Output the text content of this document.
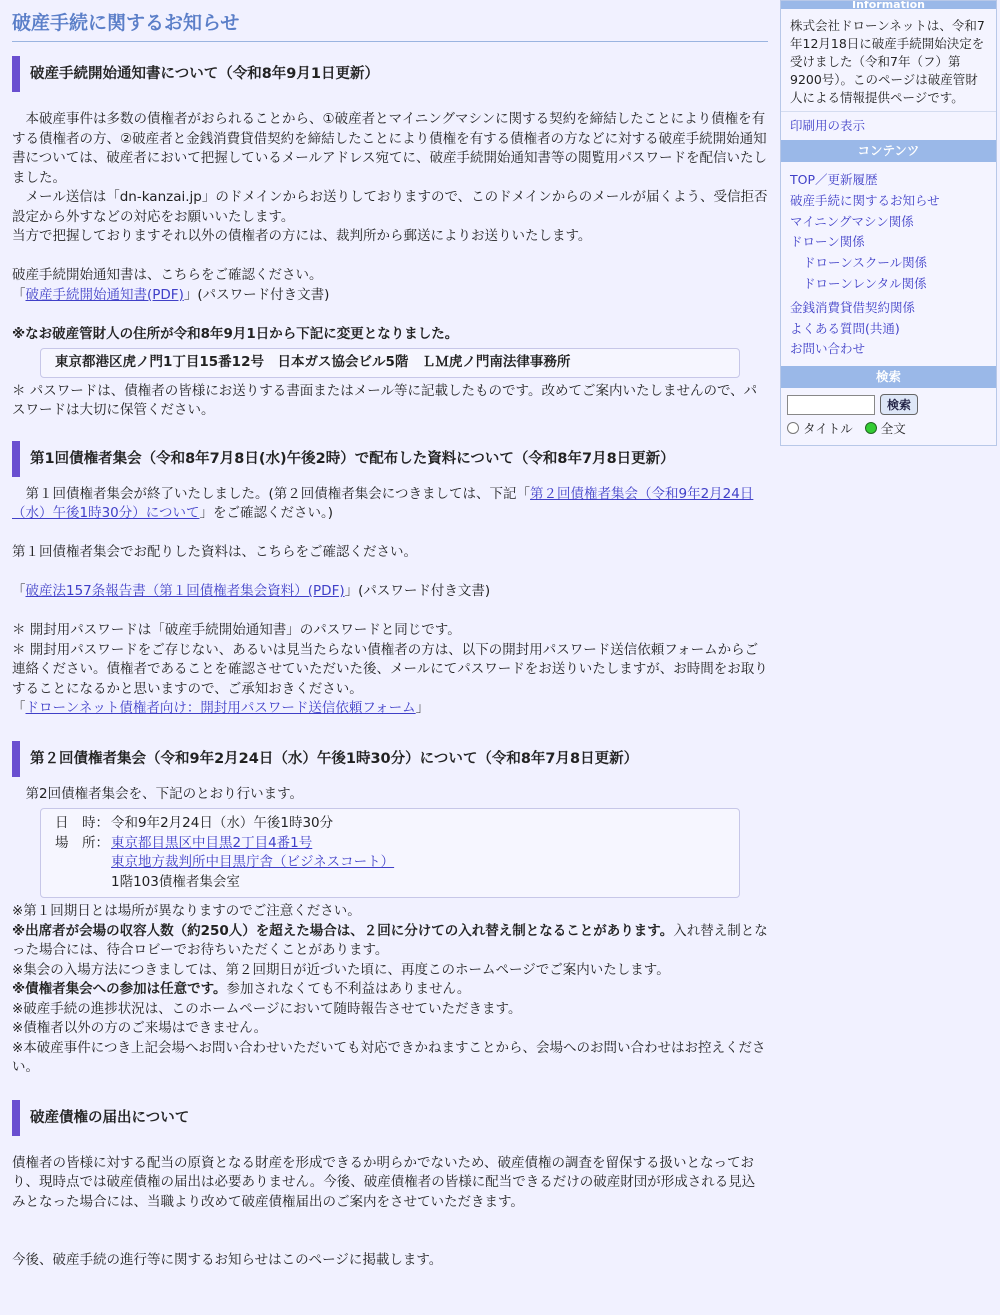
破産手続に関するお知らせ
破産手続開始通知書について（令和8年9月1日更新）

本破産事件は多数の債権者がおられることから、①破産者とマイニングマシンに関する契約を締結したことにより債権を有する債権者の方、②破産者と金銭消費貸借契約を締結したことにより債権を有する債権者の方などに対する破産手続開始通知書については、破産者において把握しているメールアドレス宛てに、破産手続開始通知書等の閲覧用パスワードを配信いたしました。

メール送信は「dn-kanzai.jp」のドメインからお送りしておりますので、このドメインからのメールが届くよう、受信拒否設定から外すなどの対応をお願いいたします。

当方で把握しておりますそれ以外の債権者の方には、裁判所から郵送によりお送りいたします。

破産手続開始通知書は、こちらをご確認ください。

「破産手続開始通知書(PDF)」(パスワード付き文書)

※なお破産管財人の住所が令和8年9月1日から下記に変更となりました。

東京都港区虎ノ門1丁目15番12号　日本ガス協会ビル5階　ＬＭ虎ノ門南法律事務所

＊ パスワードは、債権者の皆様にお送りする書面またはメール等に記載したものです。改めてご案内いたしませんので、パスワードは大切に保管ください。

第1回債権者集会（令和8年7月8日(水)午後2時）で配布した資料について（令和8年7月8日更新）

第１回債権者集会が終了いたしました。(第２回債権者集会につきましては、下記「第２回債権者集会（令和9年2月24日（水）午後1時30分）について」をご確認ください。)

第１回債権者集会でお配りした資料は、こちらをご確認ください。

「破産法157条報告書（第１回債権者集会資料）(PDF)」(パスワード付き文書)

＊ 開封用パスワードは「破産手続開始通知書」のパスワードと同じです。

＊ 開封用パスワードをご存じない、あるいは見当たらない債権者の方は、以下の開封用パスワード送信依頼フォームからご連絡ください。債権者であることを確認させていただいた後、メールにてパスワードをお送りいたしますが、お時間をお取りすることになるかと思いますので、ご承知おきください。

「ドローンネット債権者向け：開封用パスワード送信依頼フォーム」

第２回債権者集会（令和9年2月24日（水）午後1時30分）について（令和8年7月8日更新）

第2回債権者集会を、下記のとおり行います。

日　時： 令和9年2月24日（水）午後1時30分
場　所： 東京都目黒区中目黒2丁目4番1号
東京地方裁判所中目黒庁舎（ビジネスコート）
1階103債権者集会室

※第１回期日とは場所が異なりますのでご注意ください。

※出席者が会場の収容人数（約250人）を超えた場合は、２回に分けての入れ替え制となることがあります。入れ替え制となった場合には、待合ロビーでお待ちいただくことがあります。

※集会の入場方法につきましては、第２回期日が近づいた頃に、再度このホームページでご案内いたします。

※債権者集会への参加は任意です。参加されなくても不利益はありません。

※破産手続の進捗状況は、このホームページにおいて随時報告させていただきます。

※債権者以外の方のご来場はできません。

※本破産事件につき上記会場へお問い合わせいただいても対応できかねますことから、会場へのお問い合わせはお控えください。

破産債権の届出について

債権者の皆様に対する配当の原資となる財産を形成できるか明らかでないため、破産債権の調査を留保する扱いとなっており、現時点では破産債権の届出は必要ありません。今後、破産債権者の皆様に配当できるだけの破産財団が形成される見込みとなった場合には、当職より改めて破産債権届出のご案内をさせていただきます。

今後、破産手続の進行等に関するお知らせはこのページに掲載します。

Information
株式会社ドローンネットは、令和7年12月18日に破産手続開始決定を受けました（令和7年（フ）第9200号）。このページは破産管財人による情報提供ページです。
印刷用の表示
コンテンツ
TOP／更新履歴
破産手続に関するお知らせ
マイニングマシン関係
ドローン関係
ドローンスクール関係
ドローンレンタル関係
金銭消費貸借契約関係
よくある質問(共通)
お問い合わせ
検索
検索
タイトル 全文
